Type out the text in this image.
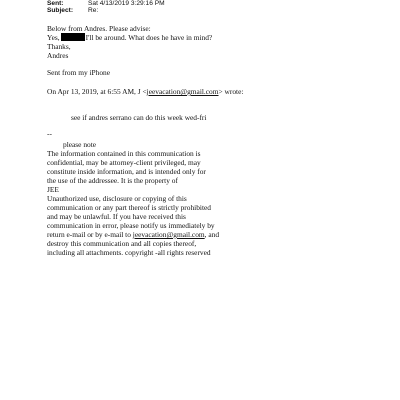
Sent:	Sat 4/13/2019 3:29:16 PM
Subject: Re:
Below from Andres. Please advise:
Yes,	I'll be around. What does he have in mind?
Thanks,
Andres
Sent from my iPhone
On Apr 13, 2019, at 6:55 AM, J <jeevacation@gmail.com> wrote:
see if andres serrano can do this week wed-fri
--
please note
The information contained in this communication is
confidential, may be attorney-client privileged, may
constitute inside information, and is intended only for
the use of the addressee. It is the property of
JEE
Unauthorized use, disclosure or copying of this
communication or any part thereof is strictly prohibited
and may be unlawful. If you have received this
communication in error, please notify us immediately by
return e-mail or by e-mail to jeevacation@gmail.com, and
destroy this communication and all copies thereof,
including all attachments. copyright -all rights reserved
